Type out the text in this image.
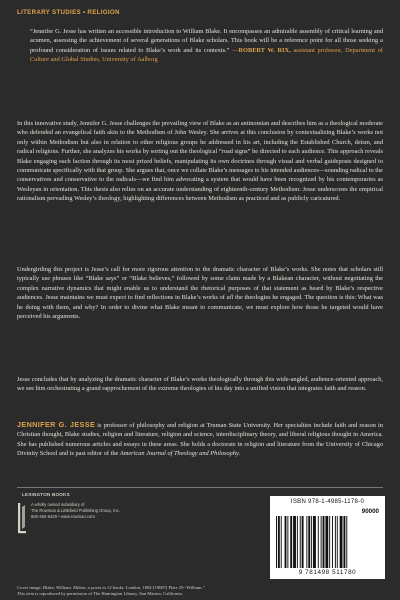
LITERARY STUDIES • RELIGION
“Jennifer G. Jesse has written an accessible introduction to William Blake. It encompasses an admirable assembly of critical learning and acumen, assessing the achievement of several generations of Blake scholars. This book will be a reference point for all those seeking a profound consideration of issues related to Blake’s work and its contexts.” —ROBERT W. RIX, assistant professor, Department of Culture and Global Studies, University of Aalborg
In this innovative study, Jennifer G. Jesse challenges the prevailing view of Blake as an antinomian and describes him as a theological moderate who defended an evangelical faith akin to the Methodism of John Wesley. She arrives at this conclusion by contextualizing Blake’s works not only within Methodism but also in relation to other religious groups he addressed in his art, including the Established Church, deism, and radical religions. Further, she analyzes his works by sorting out the theological “road signs” he directed to each audience. This approach reveals Blake engaging each faction through its most prized beliefs, manipulating its own doctrines through visual and verbal guideposts designed to communicate specifically with that group. She argues that, once we collate Blake’s messages to his intended audiences—sounding radical to the conservatives and conservative to the radicals—we find him advocating a system that would have been recognized by his contemporaries as Wesleyan in orientation. This thesis also relies on an accurate understanding of eighteenth-century Methodism: Jesse underscores the empirical rationalism pervading Wesley’s theology, highlighting differences between Methodism as practiced and as publicly caricatured.
Undergirding this project is Jesse’s call for more rigorous attention to the dramatic character of Blake’s works. She notes that scholars still typically use phrases like “Blake says” or “Blake believes,” followed by some claim made by a Blakean character, without negotiating the complex narrative dynamics that might enable us to understand the rhetorical purposes of that statement as heard by Blake’s respective audiences. Jesse maintains we must expect to find reflections in Blake’s works of all the theologies he engaged. The question is this: What was he doing with them, and why? In order to divine what Blake meant to communicate, we must explore how those he targeted would have perceived his arguments.
Jesse concludes that by analyzing the dramatic character of Blake’s works theologically through this wide-angled, audience-oriented approach, we see him orchestrating a grand rapprochement of the extreme theologies of his day into a unified vision that integrates faith and reason.
JENNIFER G. JESSE is professor of philosophy and religion at Truman State University. Her specialties include faith and reason in Christian thought, Blake studies, religion and literature, religion and science, interdisciplinary theory, and liberal religious thought in America. She has published numerous articles and essays in these areas. She holds a doctorate in religion and literature from the University of Chicago Divinity School and is past editor of the American Journal of Theology and Philosophy.
LEXINGTON BOOKS
A wholly owned subsidiary of
The Rowman & Littlefield Publishing Group, Inc.
800-462-6420 • www.rowman.com
ISBN 978-1-4985-1178-0
90000
9 781498 511780
Cover image: Blake, William. Milton, a poem in 12 books. London, 1804-[1808?] Plate 29 “William.”
This item is reproduced by permission of The Huntington Library, San Marino, California.
